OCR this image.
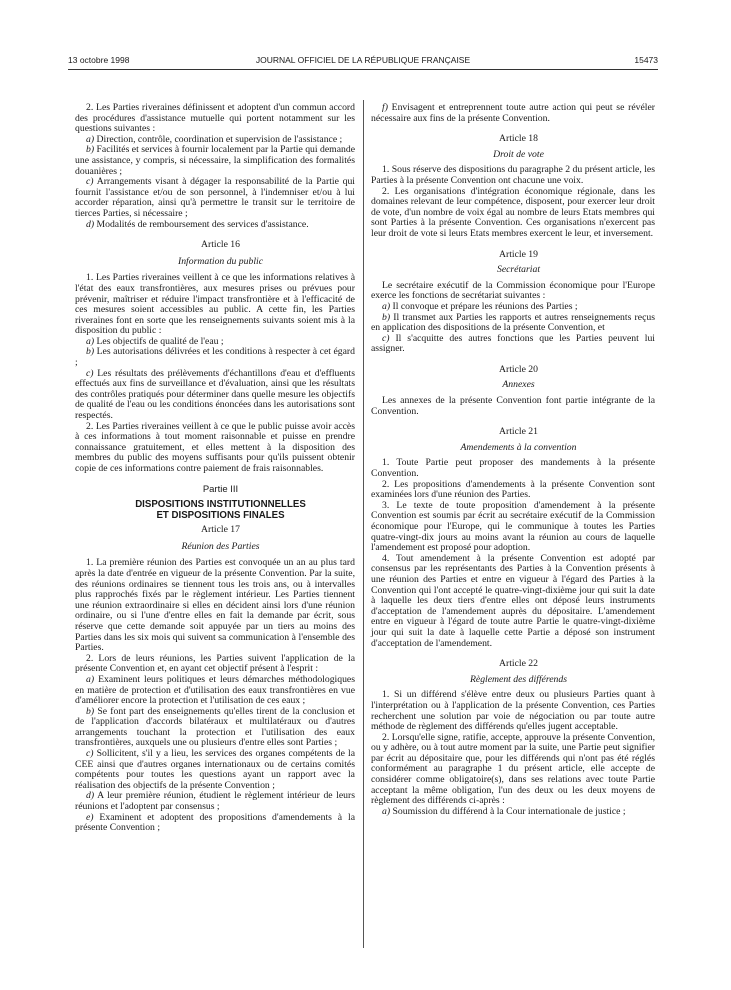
13 octobre 1998	JOURNAL OFFICIEL DE LA RÉPUBLIQUE FRANÇAISE	15473

2. Les Parties riveraines définissent et adoptent d'un commun accord des procédures d'assistance mutuelle qui portent notamment sur les questions suivantes :

a) Direction, contrôle, coordination et supervision de l'assistance ;

b) Facilités et services à fournir localement par la Partie qui demande une assistance, y compris, si nécessaire, la simplification des formalités douanières ;

c) Arrangements visant à dégager la responsabilité de la Partie qui fournit l'assistance et/ou de son personnel, à l'indemniser et/ou à lui accorder réparation, ainsi qu'à permettre le transit sur le territoire de tierces Parties, si nécessaire ;

d) Modalités de remboursement des services d'assistance.

Article 16

Information du public

1. Les Parties riveraines veillent à ce que les informations relatives à l'état des eaux transfrontières, aux mesures prises ou prévues pour prévenir, maîtriser et réduire l'impact transfrontière et à l'efficacité de ces mesures soient accessibles au public. A cette fin, les Parties riveraines font en sorte que les renseignements suivants soient mis à la disposition du public :

a) Les objectifs de qualité de l'eau ;

b) Les autorisations délivrées et les conditions à respecter à cet égard ;

c) Les résultats des prélèvements d'échantillons d'eau et d'effluents effectués aux fins de surveillance et d'évaluation, ainsi que les résultats des contrôles pratiqués pour déterminer dans quelle mesure les objectifs de qualité de l'eau ou les conditions énoncées dans les autorisations sont respectés.

2. Les Parties riveraines veillent à ce que le public puisse avoir accès à ces informations à tout moment raisonnable et puisse en prendre connaissance gratuitement, et elles mettent à la disposition des membres du public des moyens suffisants pour qu'ils puissent obtenir copie de ces informations contre paiement de frais raisonnables.

Partie III

DISPOSITIONS INSTITUTIONNELLES

ET DISPOSITIONS FINALES

Article 17

Réunion des Parties

1. La première réunion des Parties est convoquée un an au plus tard après la date d'entrée en vigueur de la présente Convention. Par la suite, des réunions ordinaires se tiennent tous les trois ans, ou à intervalles plus rapprochés fixés par le règlement intérieur. Les Parties tiennent une réunion extraordinaire si elles en décident ainsi lors d'une réunion ordinaire, ou si l'une d'entre elles en fait la demande par écrit, sous réserve que cette demande soit appuyée par un tiers au moins des Parties dans les six mois qui suivent sa communication à l'ensemble des Parties.

2. Lors de leurs réunions, les Parties suivent l'application de la présente Convention et, en ayant cet objectif présent à l'esprit :

a) Examinent leurs politiques et leurs démarches méthodologiques en matière de protection et d'utilisation des eaux transfrontières en vue d'améliorer encore la protection et l'utilisation de ces eaux ;

b) Se font part des enseignements qu'elles tirent de la conclusion et de l'application d'accords bilatéraux et multilatéraux ou d'autres arrangements touchant la protection et l'utilisation des eaux transfrontières, auxquels une ou plusieurs d'entre elles sont Parties ;

c) Sollicitent, s'il y a lieu, les services des organes compétents de la CEE ainsi que d'autres organes internationaux ou de certains comités compétents pour toutes les questions ayant un rapport avec la réalisation des objectifs de la présente Convention ;

d) A leur première réunion, étudient le règlement intérieur de leurs réunions et l'adoptent par consensus ;

e) Examinent et adoptent des propositions d'amendements à la présente Convention ;

f) Envisagent et entreprennent toute autre action qui peut se révéler nécessaire aux fins de la présente Convention.

Article 18

Droit de vote

1. Sous réserve des dispositions du paragraphe 2 du présent article, les Parties à la présente Convention ont chacune une voix.

2. Les organisations d'intégration économique régionale, dans les domaines relevant de leur compétence, disposent, pour exercer leur droit de vote, d'un nombre de voix égal au nombre de leurs Etats membres qui sont Parties à la présente Convention. Ces organisations n'exercent pas leur droit de vote si leurs Etats membres exercent le leur, et inversement.

Article 19

Secrétariat

Le secrétaire exécutif de la Commission économique pour l'Europe exerce les fonctions de secrétariat suivantes :

a) Il convoque et prépare les réunions des Parties ;

b) Il transmet aux Parties les rapports et autres renseignements reçus en application des dispositions de la présente Convention, et

c) Il s'acquitte des autres fonctions que les Parties peuvent lui assigner.

Article 20

Annexes

Les annexes de la présente Convention font partie intégrante de la Convention.

Article 21

Amendements à la convention

1. Toute Partie peut proposer des mandements à la présente Convention.

2. Les propositions d'amendements à la présente Convention sont examinées lors d'une réunion des Parties.

3. Le texte de toute proposition d'amendement à la présente Convention est soumis par écrit au secrétaire exécutif de la Commission économique pour l'Europe, qui le communique à toutes les Parties quatre-vingt-dix jours au moins avant la réunion au cours de laquelle l'amendement est proposé pour adoption.

4. Tout amendement à la présente Convention est adopté par consensus par les représentants des Parties à la Convention présents à une réunion des Parties et entre en vigueur à l'égard des Parties à la Convention qui l'ont accepté le quatre-vingt-dixième jour qui suit la date à laquelle les deux tiers d'entre elles ont déposé leurs instruments d'acceptation de l'amendement auprès du dépositaire. L'amendement entre en vigueur à l'égard de toute autre Partie le quatre-vingt-dixième jour qui suit la date à laquelle cette Partie a déposé son instrument d'acceptation de l'amendement.

Article 22

Règlement des différends

1. Si un différend s'élève entre deux ou plusieurs Parties quant à l'interprétation ou à l'application de la présente Convention, ces Parties recherchent une solution par voie de négociation ou par toute autre méthode de règlement des différends qu'elles jugent acceptable.

2. Lorsqu'elle signe, ratifie, accepte, approuve la présente Convention, ou y adhère, ou à tout autre moment par la suite, une Partie peut signifier par écrit au dépositaire que, pour les différends qui n'ont pas été réglés conformément au paragraphe 1 du présent article, elle accepte de considérer comme obligatoire(s), dans ses relations avec toute Partie acceptant la même obligation, l'un des deux ou les deux moyens de règlement des différends ci-après :

a) Soumission du différend à la Cour internationale de justice ;
